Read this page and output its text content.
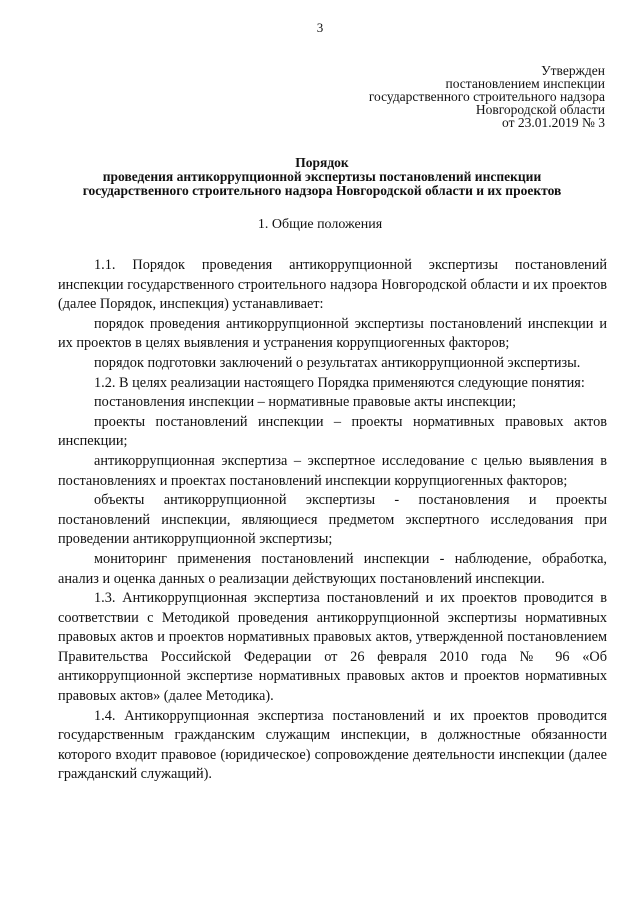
3
Утвержден
постановлением инспекции
государственного строительного надзора
Новгородской области
от 23.01.2019 № 3
Порядок
проведения антикоррупционной экспертизы постановлений инспекции
государственного строительного надзора Новгородской области и их проектов
1. Общие положения

1.1. Порядок проведения антикоррупционной экспертизы постановлений инспекции государственного строительного надзора Новгородской области и их проектов (далее Порядок, инспекция) устанавливает:

порядок проведения антикоррупционной экспертизы постановлений инспекции и их проектов в целях выявления и устранения коррупциогенных факторов;

порядок подготовки заключений о результатах антикоррупционной экспертизы.

1.2. В целях реализации настоящего Порядка применяются следующие понятия:

постановления инспекции – нормативные правовые акты инспекции;

проекты постановлений инспекции – проекты нормативных правовых актов инспекции;

антикоррупционная экспертиза – экспертное исследование с целью выявления в постановлениях и проектах постановлений инспекции коррупциогенных факторов;

объекты антикоррупционной экспертизы - постановления и проекты постановлений инспекции, являющиеся предметом экспертного исследования при проведении антикоррупционной экспертизы;

мониторинг применения постановлений инспекции - наблюдение, обработка, анализ и оценка данных о реализации действующих постановлений инспекции.

1.3. Антикоррупционная экспертиза постановлений и их проектов проводится в соответствии с Методикой проведения антикоррупционной экспертизы нормативных правовых актов и проектов нормативных правовых актов, утвержденной постановлением Правительства Российской Федерации от 26 февраля 2010 года № 96 «Об антикоррупционной экспертизе нормативных правовых актов и проектов нормативных правовых актов» (далее Методика).

1.4. Антикоррупционная экспертиза постановлений и их проектов проводится государственным гражданским служащим инспекции, в должностные обязанности которого входит правовое (юридическое) сопровождение деятельности инспекции (далее гражданский служащий).
